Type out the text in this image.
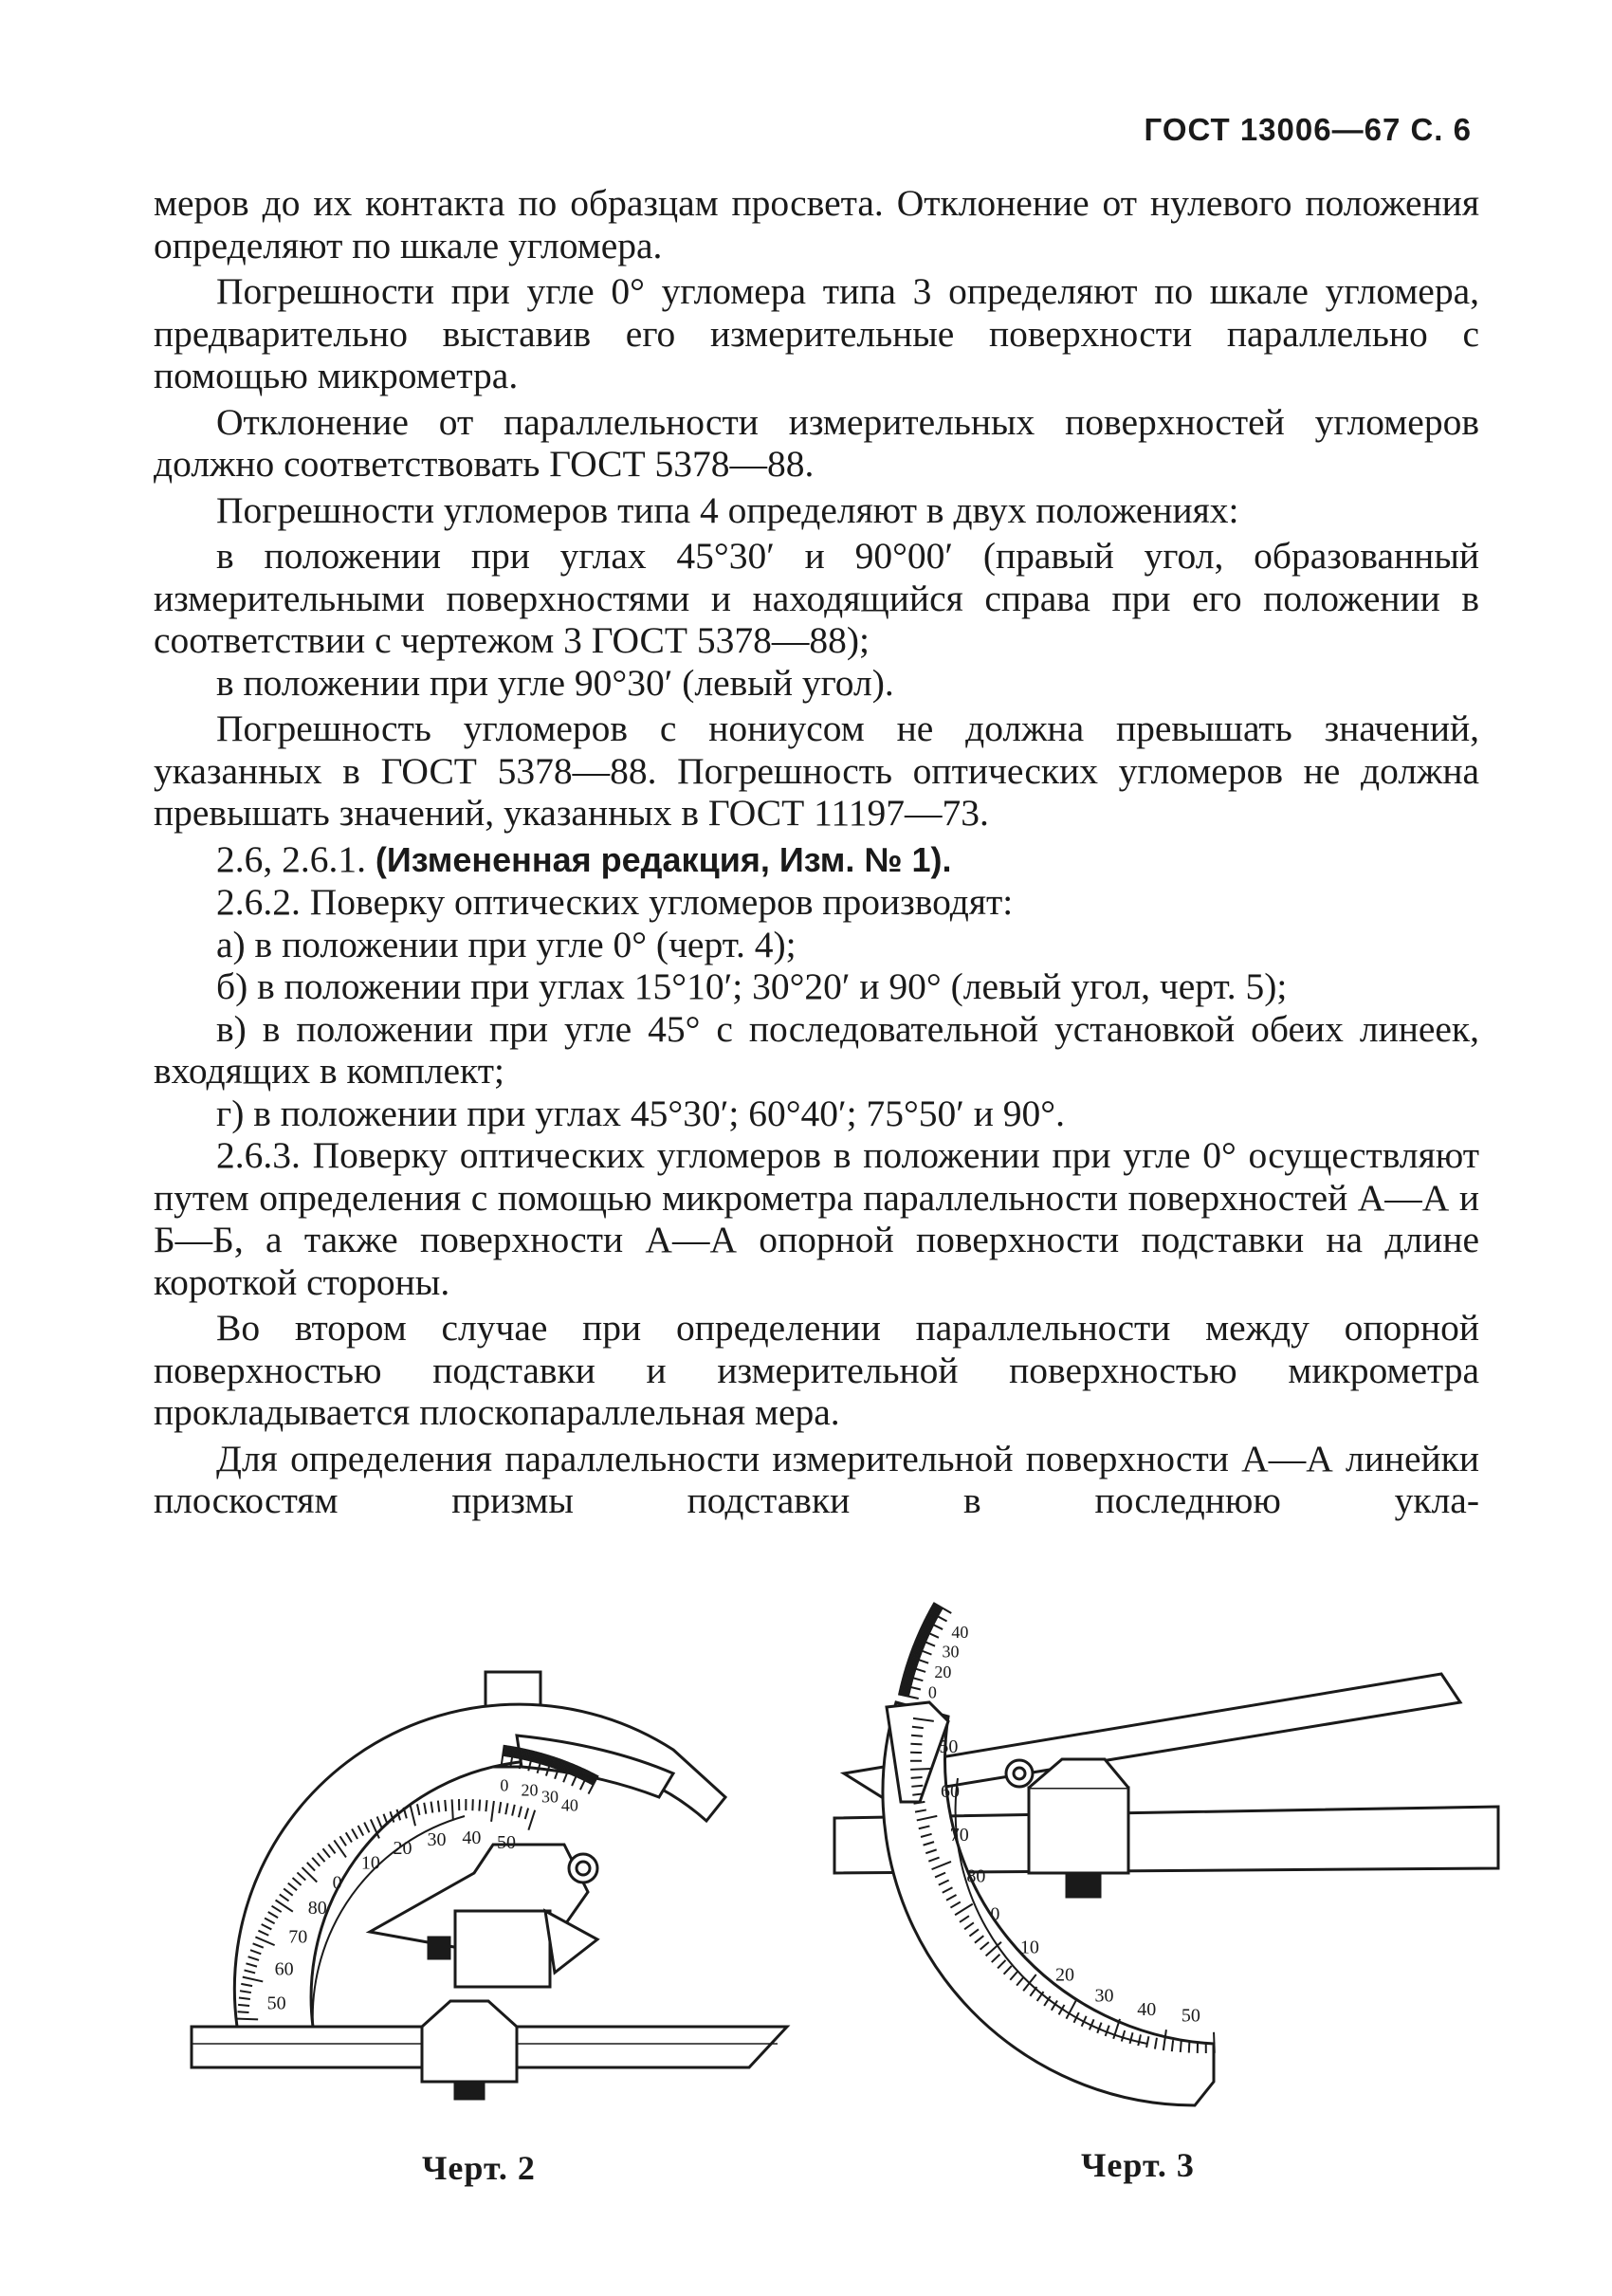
ГОСТ 13006—67 С. 6

меров до их контакта по образцам просвета. Отклонение от нулевого положения определяют по шкале угломера.

Погрешности при угле 0° угломера типа 3 определяют по шкале угломера, предварительно выставив его измерительные поверхности параллельно с помощью микрометра.

Отклонение от параллельности измерительных поверхностей угломеров должно соответствовать ГОСТ 5378—88.

Погрешности угломеров типа 4 определяют в двух положениях:

в положении при углах 45°30′ и 90°00′ (правый угол, образованный измерительными поверхностями и находящийся справа при его положении в соответствии с чертежом 3 ГОСТ 5378—88);

в положении при угле 90°30′ (левый угол).

Погрешность угломеров с нониусом не должна превышать значений, указанных в ГОСТ 5378—88. Погрешность оптических угломеров не должна превышать значений, указанных в ГОСТ 11197—73.

2.6, 2.6.1. (Измененная редакция, Изм. № 1).

2.6.2. Поверку оптических угломеров производят:

а) в положении при угле 0° (черт. 4);

б) в положении при углах 15°10′; 30°20′ и 90° (левый угол, черт. 5);

в) в положении при угле 45° с последовательной установкой обеих линеек, входящих в комплект;

г) в положении при углах 45°30′; 60°40′; 75°50′ и 90°.

2.6.3. Поверку оптических угломеров в положении при угле 0° осуществляют путем определения с помощью микрометра параллельности поверхностей А—А и Б—Б, а также поверхности А—А опорной поверхности подставки на длине короткой стороны.

Во втором случае при определении параллельности между опорной поверхностью подставки и измерительной поверхностью микрометра прокладывается плоскопараллельная мера.

Для определения параллельности измерительной поверхности А—А линейки плоскостям призмы подставки в последнюю укла-

50
60
70
80
0
10
20 30 40 50
0 20 30 40
Черт. 2
50
60
70
80
0
10
20
30
40 50
0
20
30
40
Черт. 3
